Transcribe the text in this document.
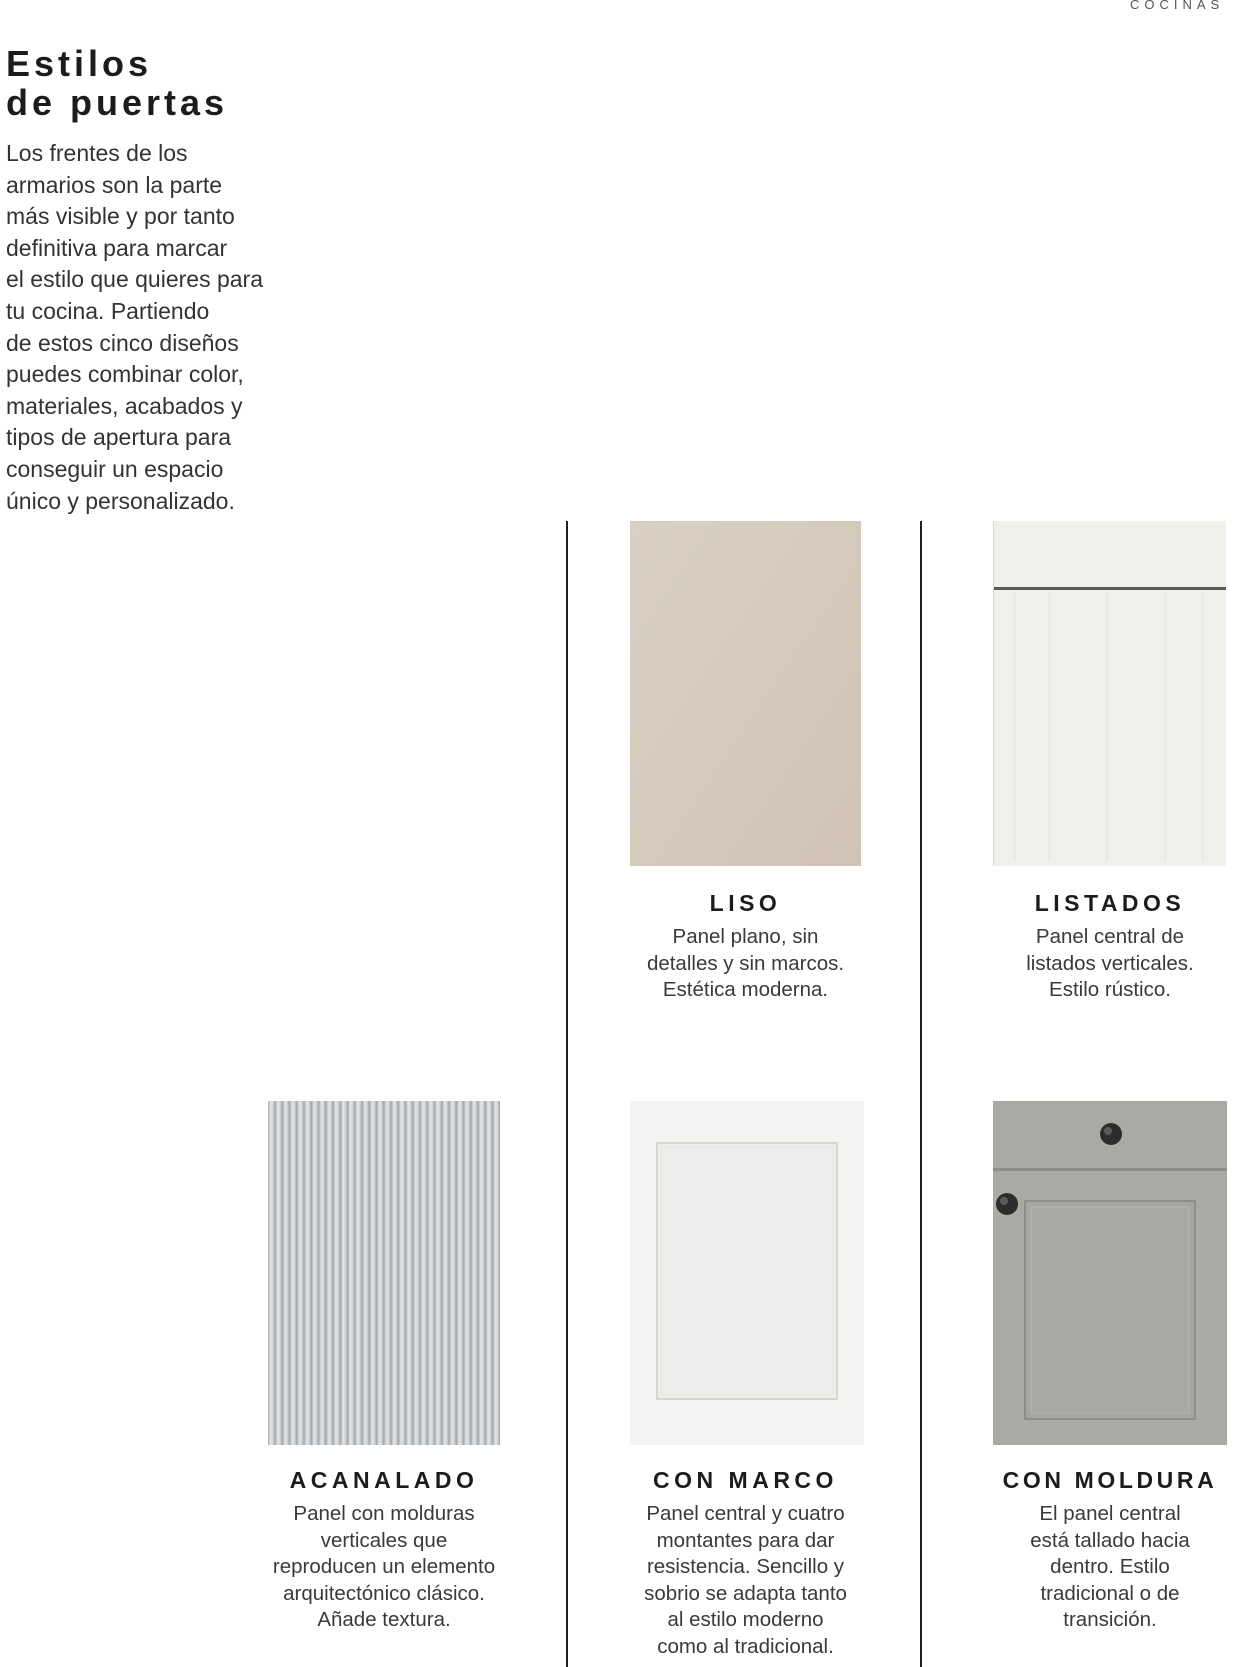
COCINAS
Estilos
de puertas

Los frentes de los
armarios son la parte
más visible y por tanto
definitiva para marcar
el estilo que quieres para
tu cocina. Partiendo
de estos cinco diseños
puedes combinar color,
materiales, acabados y
tipos de apertura para
conseguir un espacio
único y personalizado.

LISO
Panel plano, sin
detalles y sin marcos.
Estética moderna.
LISTADOS
Panel central de
listados verticales.
Estilo rústico.
ACANALADO
Panel con molduras
verticales que
reproducen un elemento
arquitectónico clásico.
Añade textura.
CON MARCO
Panel central y cuatro
montantes para dar
resistencia. Sencillo y
sobrio se adapta tanto
al estilo moderno
como al tradicional.
CON MOLDURA
El panel central
está tallado hacia
dentro. Estilo
tradicional o de
transición.
